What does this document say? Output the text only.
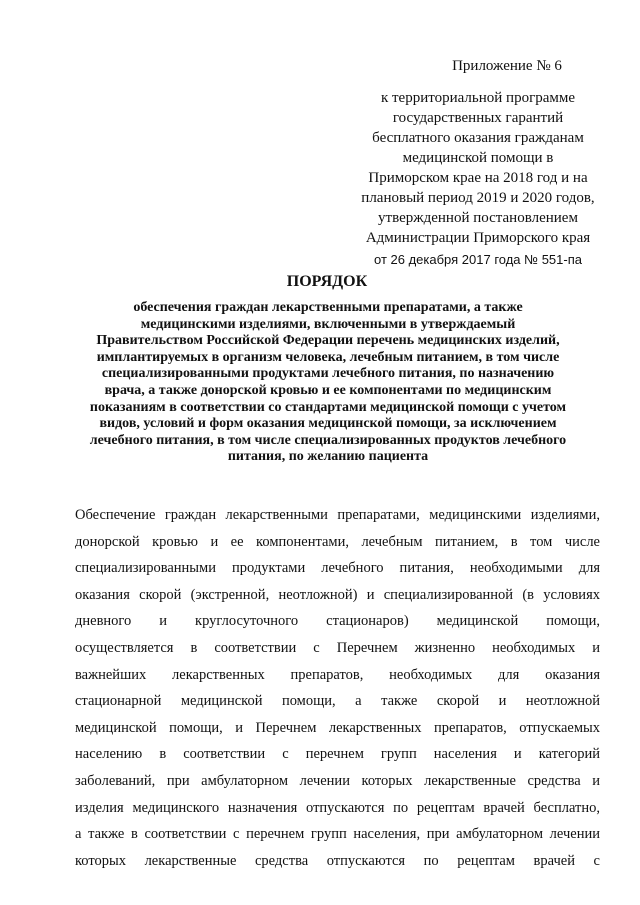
Приложение № 6
к территориальной программе
государственных гарантий
бесплатного оказания гражданам
медицинской помощи в
Приморском крае на 2018 год и на
плановый период 2019 и 2020 годов,
утвержденной постановлением
Администрации Приморского края
от 26 декабря 2017 года № 551-па
ПОРЯДОК
обеспечения граждан лекарственными препаратами, а также
медицинскими изделиями, включенными в утверждаемый
Правительством Российской Федерации перечень медицинских изделий,
имплантируемых в организм человека, лечебным питанием, в том числе
специализированными продуктами лечебного питания, по назначению
врача, а также донорской кровью и ее компонентами по медицинским
показаниям в соответствии со стандартами медицинской помощи с учетом
видов, условий и форм оказания медицинской помощи, за исключением
лечебного питания, в том числе специализированных продуктов лечебного
питания, по желанию пациента
Обеспечение граждан лекарственными препаратами, медицинскими изделиями,
донорской кровью и ее компонентами, лечебным питанием, в том числе
специализированными продуктами лечебного питания, необходимыми для
оказания скорой (экстренной, неотложной) и специализированной (в условиях
дневного и круглосуточного стационаров) медицинской помощи,
осуществляется в соответствии с Перечнем жизненно необходимых и
важнейших лекарственных препаратов, необходимых для оказания
стационарной медицинской помощи, а также скорой и неотложной
медицинской помощи, и Перечнем лекарственных препаратов, отпускаемых
населению в соответствии с перечнем групп населения и категорий
заболеваний, при амбулаторном лечении которых лекарственные средства и
изделия медицинского назначения отпускаются по рецептам врачей бесплатно,
а также в соответствии с перечнем групп населения, при амбулаторном лечении
которых лекарственные средства отпускаются по рецептам врачей с
